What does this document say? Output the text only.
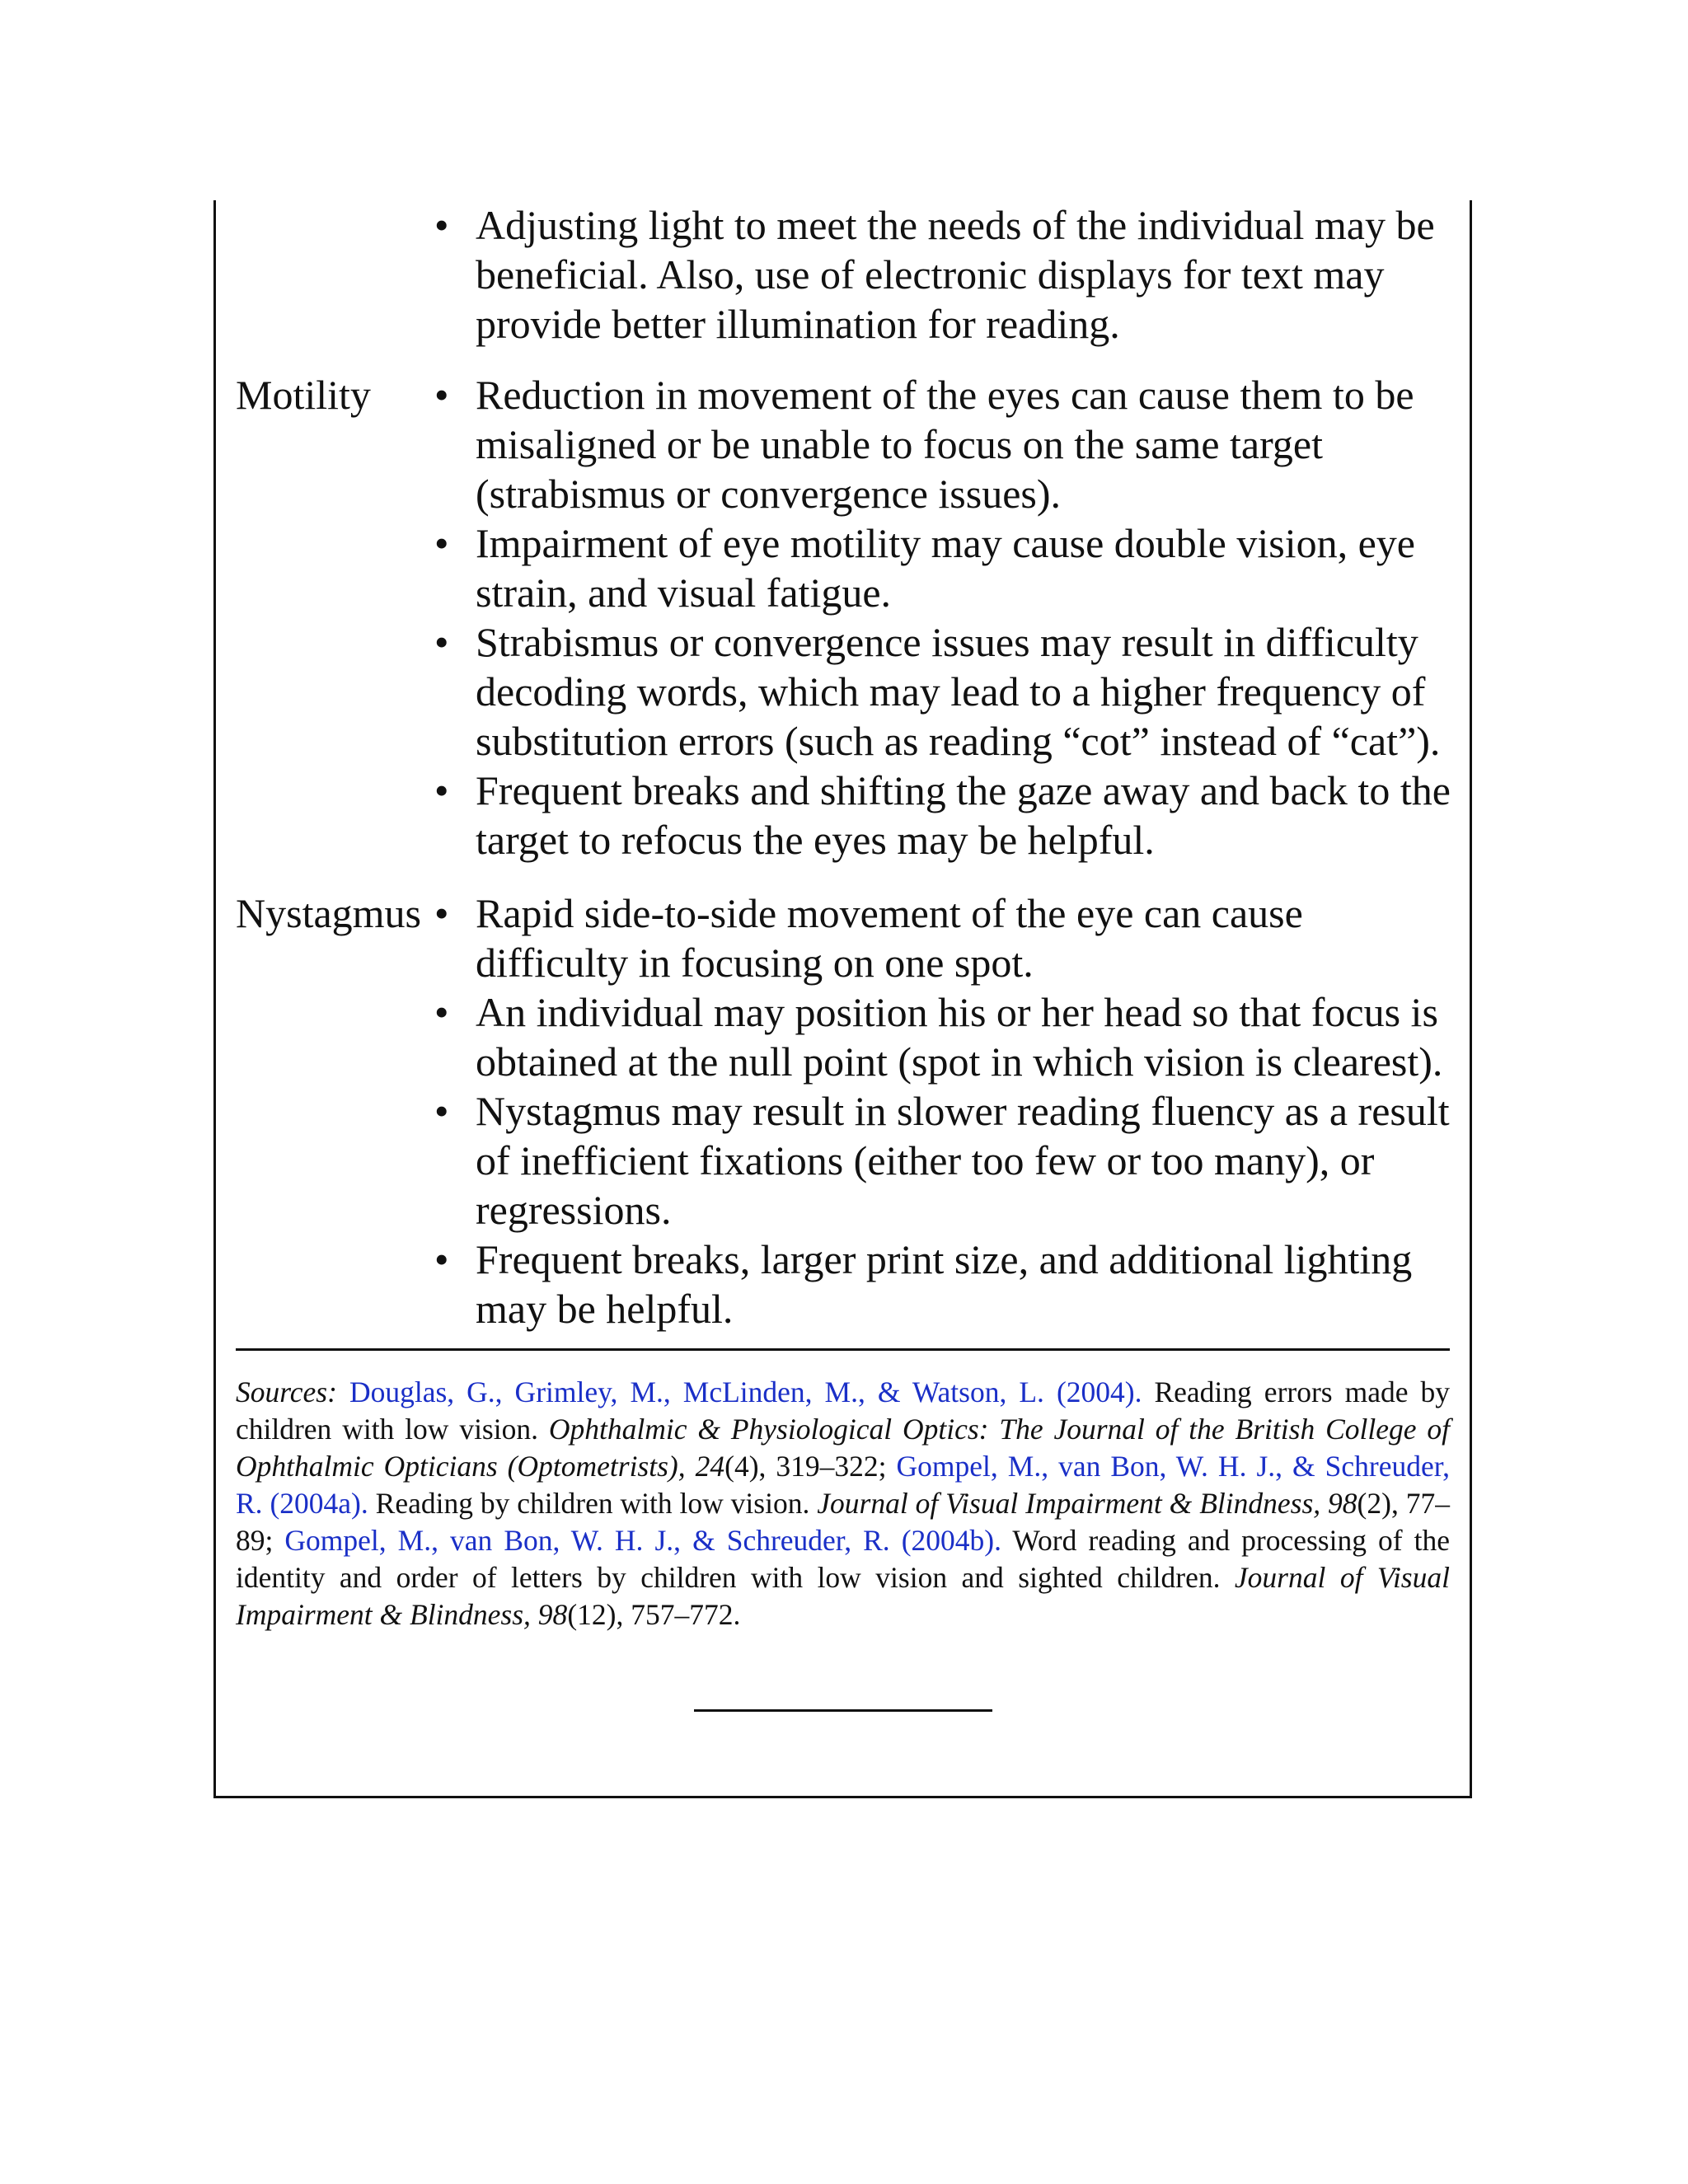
• Adjusting light to meet the needs of the individual may be beneficial. Also, use of electronic displays for text may provide better illumination for reading.
Motility • Reduction in movement of the eyes can cause them to be misaligned or be unable to focus on the same target (strabismus or convergence issues).
• Impairment of eye motility may cause double vision, eye strain, and visual fatigue.
• Strabismus or convergence issues may result in difficulty decoding words, which may lead to a higher frequency of substitution errors (such as reading “cot” instead of “cat”).
• Frequent breaks and shifting the gaze away and back to the target to refocus the eyes may be helpful.
Nystagmus • Rapid side-to-side movement of the eye can cause difficulty in focusing on one spot.
• An individual may position his or her head so that focus is obtained at the null point (spot in which vision is clearest).
• Nystagmus may result in slower reading fluency as a result of inefficient fixations (either too few or too many), or regressions.
• Frequent breaks, larger print size, and additional lighting may be helpful.

Sources: Douglas, G., Grimley, M., McLinden, M., & Watson, L. (2004). Reading errors made by children with low vision. Ophthalmic & Physiological Optics: The Journal of the British College of Ophthalmic Opticians (Optometrists), 24(4), 319–322; Gompel, M., van Bon, W. H. J., & Schreuder, R. (2004a). Reading by children with low vision. Journal of Visual Impairment & Blindness, 98(2), 77–89; Gompel, M., van Bon, W. H. J., & Schreuder, R. (2004b). Word reading and processing of the identity and order of letters by children with low vision and sighted children. Journal of Visual Impairment & Blindness, 98(12), 757–772.
